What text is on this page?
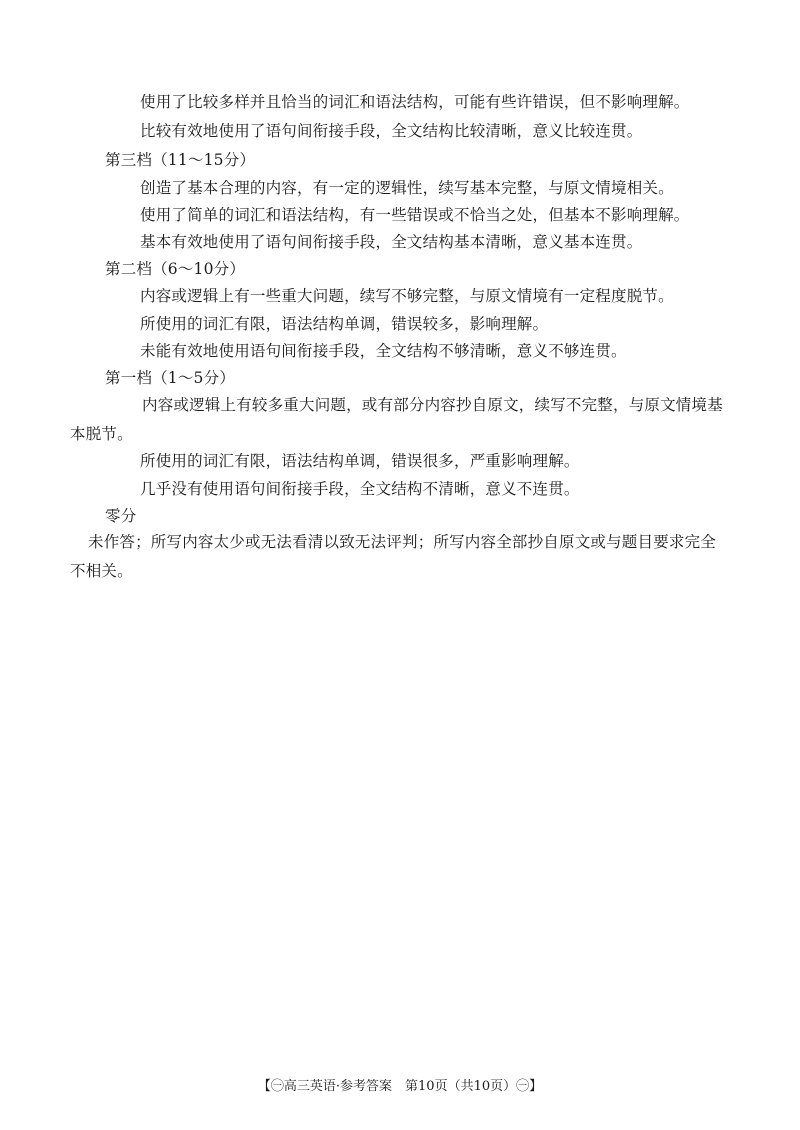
使用了比较多样并且恰当的词汇和语法结构，可能有些许错误，但不影响理解。
比较有效地使用了语句间衔接手段，全文结构比较清晰，意义比较连贯。
第三档（11～15分）
创造了基本合理的内容，有一定的逻辑性，续写基本完整，与原文情境相关。
使用了简单的词汇和语法结构，有一些错误或不恰当之处，但基本不影响理解。
基本有效地使用了语句间衔接手段，全文结构基本清晰，意义基本连贯。
第二档（6～10分）
内容或逻辑上有一些重大问题，续写不够完整，与原文情境有一定程度脱节。
所使用的词汇有限，语法结构单调，错误较多，影响理解。
未能有效地使用语句间衔接手段，全文结构不够清晰，意义不够连贯。
第一档（1～5分）
内容或逻辑上有较多重大问题，或有部分内容抄自原文，续写不完整，与原文情境基本脱节。
所使用的词汇有限，语法结构单调，错误很多，严重影响理解。
几乎没有使用语句间衔接手段，全文结构不清晰，意义不连贯。
零分
未作答；所写内容太少或无法看清以致无法评判；所写内容全部抄自原文或与题目要求完全不相关。
【㊀高三英语·参考答案　第10页（共10页）㊀】
